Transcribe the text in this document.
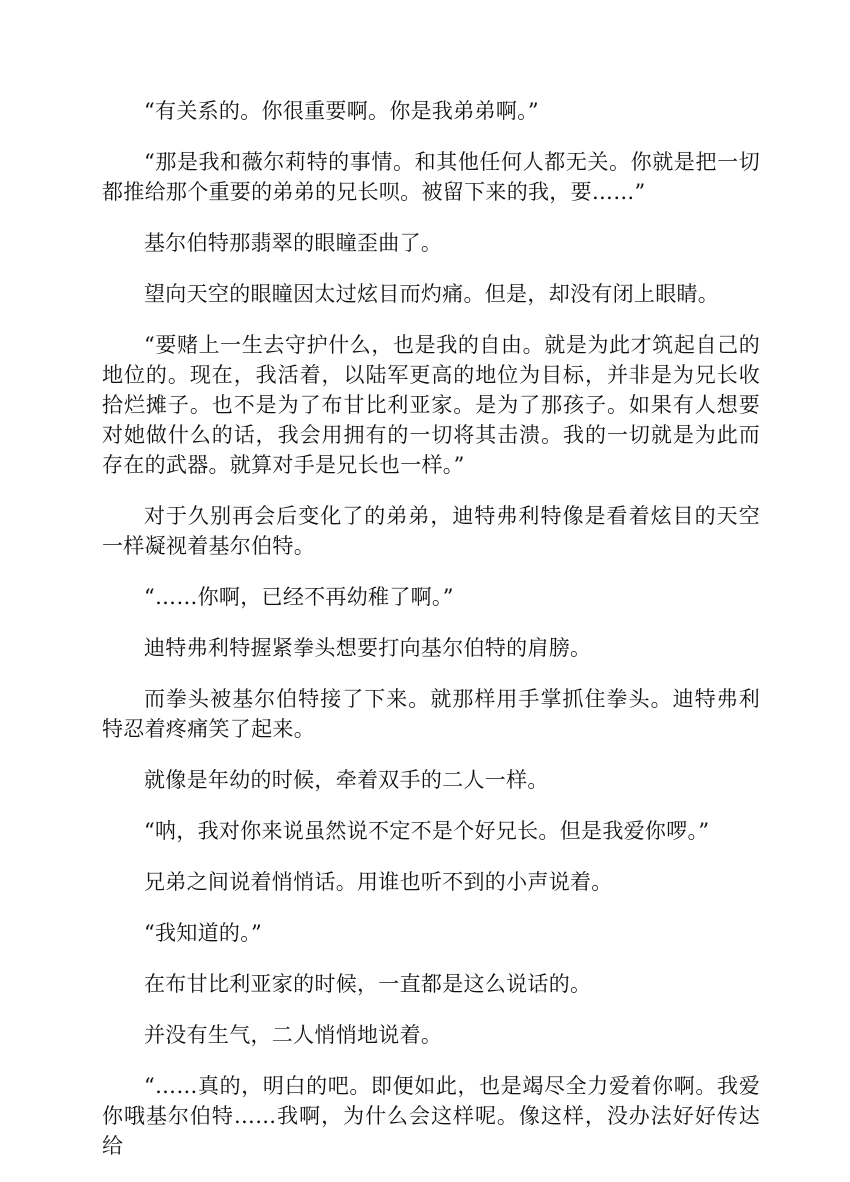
“有关系的。你很重要啊。你是我弟弟啊。”

“那是我和薇尔莉特的事情。和其他任何人都无关。你就是把一切都推给那个重要的弟弟的兄长呗。被留下来的我，要……”

基尔伯特那翡翠的眼瞳歪曲了。

望向天空的眼瞳因太过炫目而灼痛。但是，却没有闭上眼睛。

“要赌上一生去守护什么，也是我的自由。就是为此才筑起自己的地位的。现在，我活着，以陆军更高的地位为目标，并非是为兄长收拾烂摊子。也不是为了布甘比利亚家。是为了那孩子。如果有人想要对她做什么的话，我会用拥有的一切将其击溃。我的一切就是为此而存在的武器。就算对手是兄长也一样。”

对于久别再会后变化了的弟弟，迪特弗利特像是看着炫目的天空一样凝视着基尔伯特。

“……你啊，已经不再幼稚了啊。”

迪特弗利特握紧拳头想要打向基尔伯特的肩膀。

而拳头被基尔伯特接了下来。就那样用手掌抓住拳头。迪特弗利特忍着疼痛笑了起来。

就像是年幼的时候，牵着双手的二人一样。

“呐，我对你来说虽然说不定不是个好兄长。但是我爱你啰。”

兄弟之间说着悄悄话。用谁也听不到的小声说着。

“我知道的。”

在布甘比利亚家的时候，一直都是这么说话的。

并没有生气，二人悄悄地说着。

“……真的，明白的吧。即便如此，也是竭尽全力爱着你啊。我爱你哦基尔伯特……我啊，为什么会这样呢。像这样，没办法好好传达给
